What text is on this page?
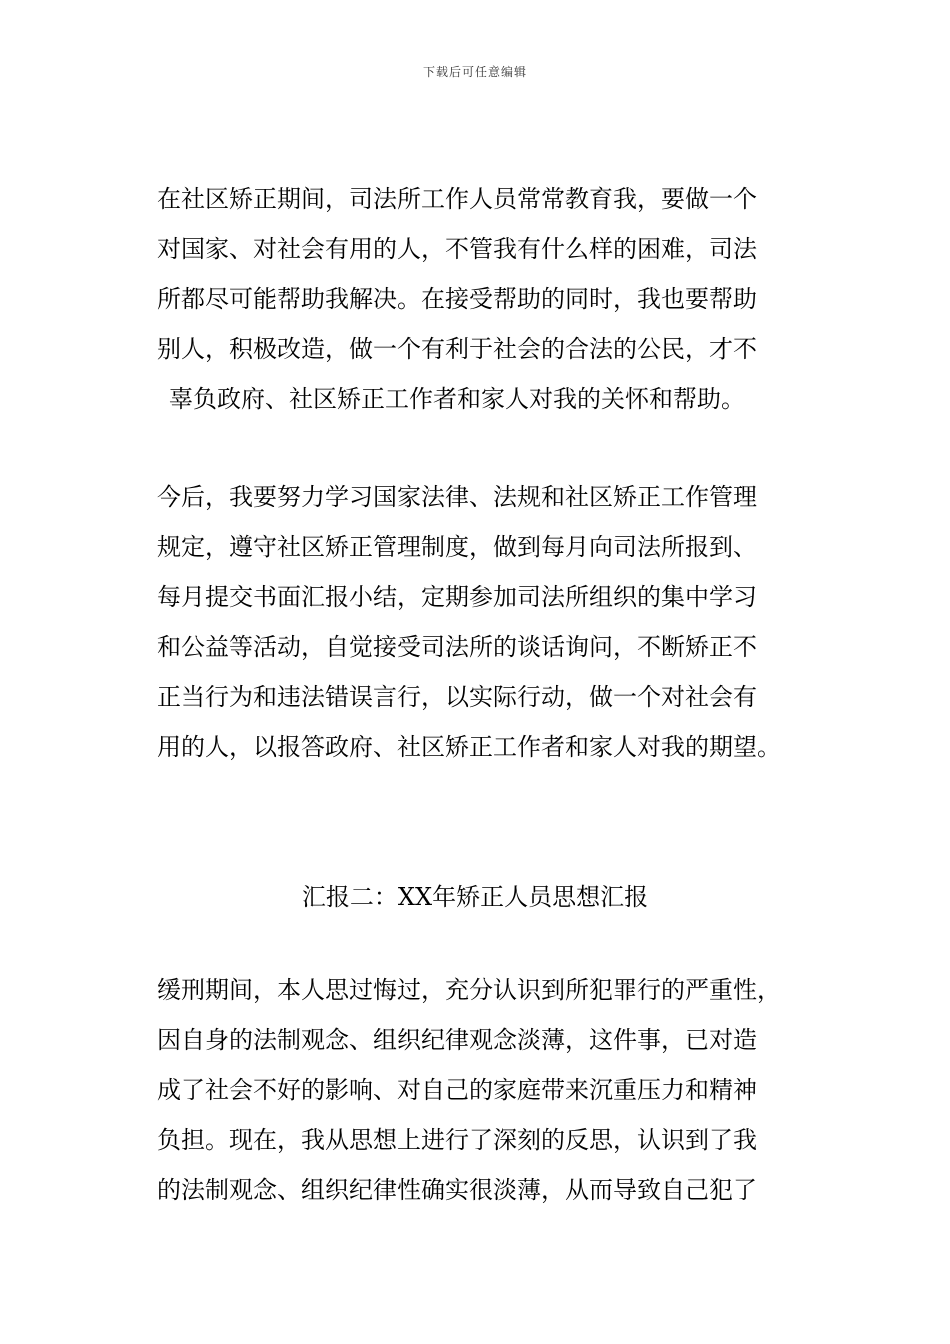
下载后可任意编辑
在社区矫正期间，司法所工作人员常常教育我，要做一个
对国家、对社会有用的人，不管我有什么样的困难，司法
所都尽可能帮助我解决。在接受帮助的同时，我也要帮助
别人，积极改造，做一个有利于社会的合法的公民，才不
辜负政府、社区矫正工作者和家人对我的关怀和帮助。
今后，我要努力学习国家法律、法规和社区矫正工作管理
规定，遵守社区矫正管理制度，做到每月向司法所报到、
每月提交书面汇报小结，定期参加司法所组织的集中学习
和公益等活动，自觉接受司法所的谈话询问，不断矫正不
正当行为和违法错误言行，以实际行动，做一个对社会有
用的人，以报答政府、社区矫正工作者和家人对我的期望。
汇报二：XX年矫正人员思想汇报
缓刑期间，本人思过悔过，充分认识到所犯罪行的严重性，
因自身的法制观念、组织纪律观念淡薄，这件事，已对造
成了社会不好的影响、对自己的家庭带来沉重压力和精神
负担。现在，我从思想上进行了深刻的反思，认识到了我
的法制观念、组织纪律性确实很淡薄，从而导致自己犯了
